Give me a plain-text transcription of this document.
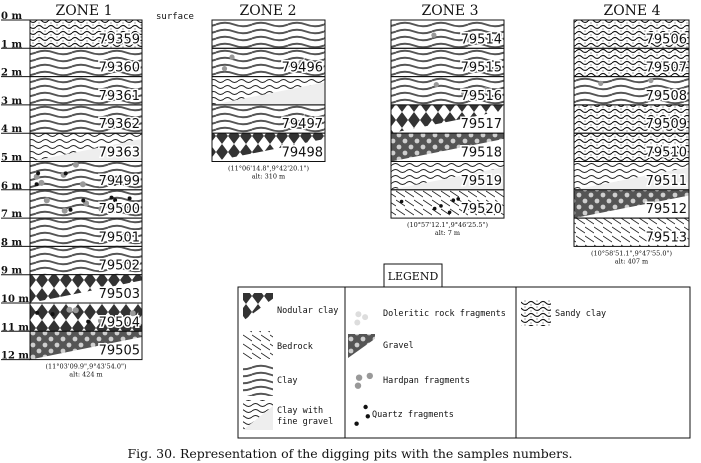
0 m
1 m
2 m
3 m
4 m
5 m
6 m
7 m
8 m
9 m
10 m
11 m
12 m
surface
ZONE 1
79359
79360
79361
79362
79363
79499
79500
79501
79502
79503
79504
79505
(11°03'09.9",9°43'54.0")
alt: 424 m
ZONE 2
79496
79497
79498
(11°06'14.8",9°42'20.1")
alt: 310 m
ZONE 3
79514
79515
79516
79517
79518
79519
79520
(10°57'12.1",9°46'25.5")
alt: 7 m
ZONE 4
79506
79507
79508
79509
79510
79511
79512
79513
(10°58'51.1",9°47'55.0")
alt: 407 m
LEGEND
Nodular clay
Bedrock
Clay
Clay with
fine gravel
Doleritic rock fragments
Gravel
Hardpan fragments
Quartz fragments
Sandy clay
Fig. 30. Representation of the digging pits with the samples numbers.
